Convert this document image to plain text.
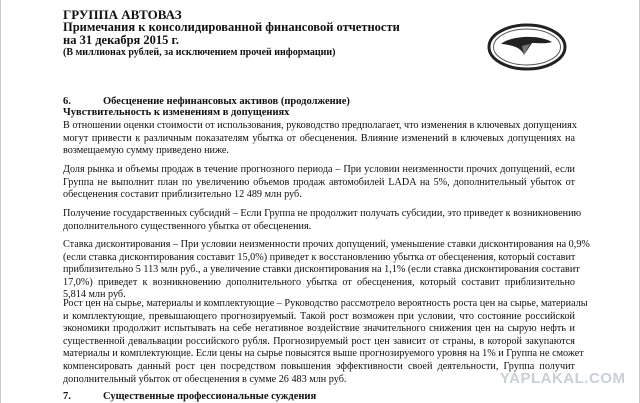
ГРУППА АВТОВАЗ
Примечания к консолидированной финансовой отчетности
на 31 декабря 2015 г.
(В миллионах рублей, за исключением прочей информации)
6.	Обесценение нефинансовых активов (продолжение)
Чувствительность к изменениям в допущениях
В отношении оценки стоимости от использования, руководство предполагает, что изменения в ключевых допущениях
могут привести к различным показателям убытка от обесценения. Влияние изменений в ключевых допущениях на
возмещаемую сумму приведено ниже.
Доля рынка и объемы продаж в течение прогнозного периода – При условии неизменности прочих допущений, если
Группа не выполнит план по увеличению объемов продаж автомобилей LADA на 5%, дополнительный убыток от
обесценения составит приблизительно 12 489 млн руб.
Получение государственных субсидий – Если Группа не продолжит получать субсидии, это приведет к возникновению
дополнительного существенного убытка от обесценения.
Ставка дисконтирования – При условии неизменности прочих допущений, уменьшение ставки дисконтирования на 0,9%
(если ставка дисконтирования составит 15,0%) приведет к восстановлению убытка от обесценения, который составит
приблизительно 5 113 млн руб., а увеличение ставки дисконтирования на 1,1% (если ставка дисконтирования составит
17,0%) приведет к возникновению дополнительного убытка от обесценения, который составит приблизительно
5,814 млн руб.
Рост цен на сырье, материалы и комплектующие – Руководство рассмотрело вероятность роста цен на сырье, материалы
и комплектующие, превышающего прогнозируемый. Такой рост возможен при условии, что состояние российской
экономики продолжит испытывать на себе негативное воздействие значительного снижения цен на сырую нефть и
существенной девальвации российского рубля. Прогнозируемый рост цен зависит от страны, в которой закупаются
материалы и комплектующие. Если цены на сырье повысятся выше прогнозируемого уровня на 1% и Группа не сможет
компенсировать данный рост цен посредством повышения эффективности своей деятельности, Группа получит
дополнительный убыток от обесценения в сумме 26 483 млн руб.
7.	Существенные профессиональные суждения
YAPLAKAL.COM
